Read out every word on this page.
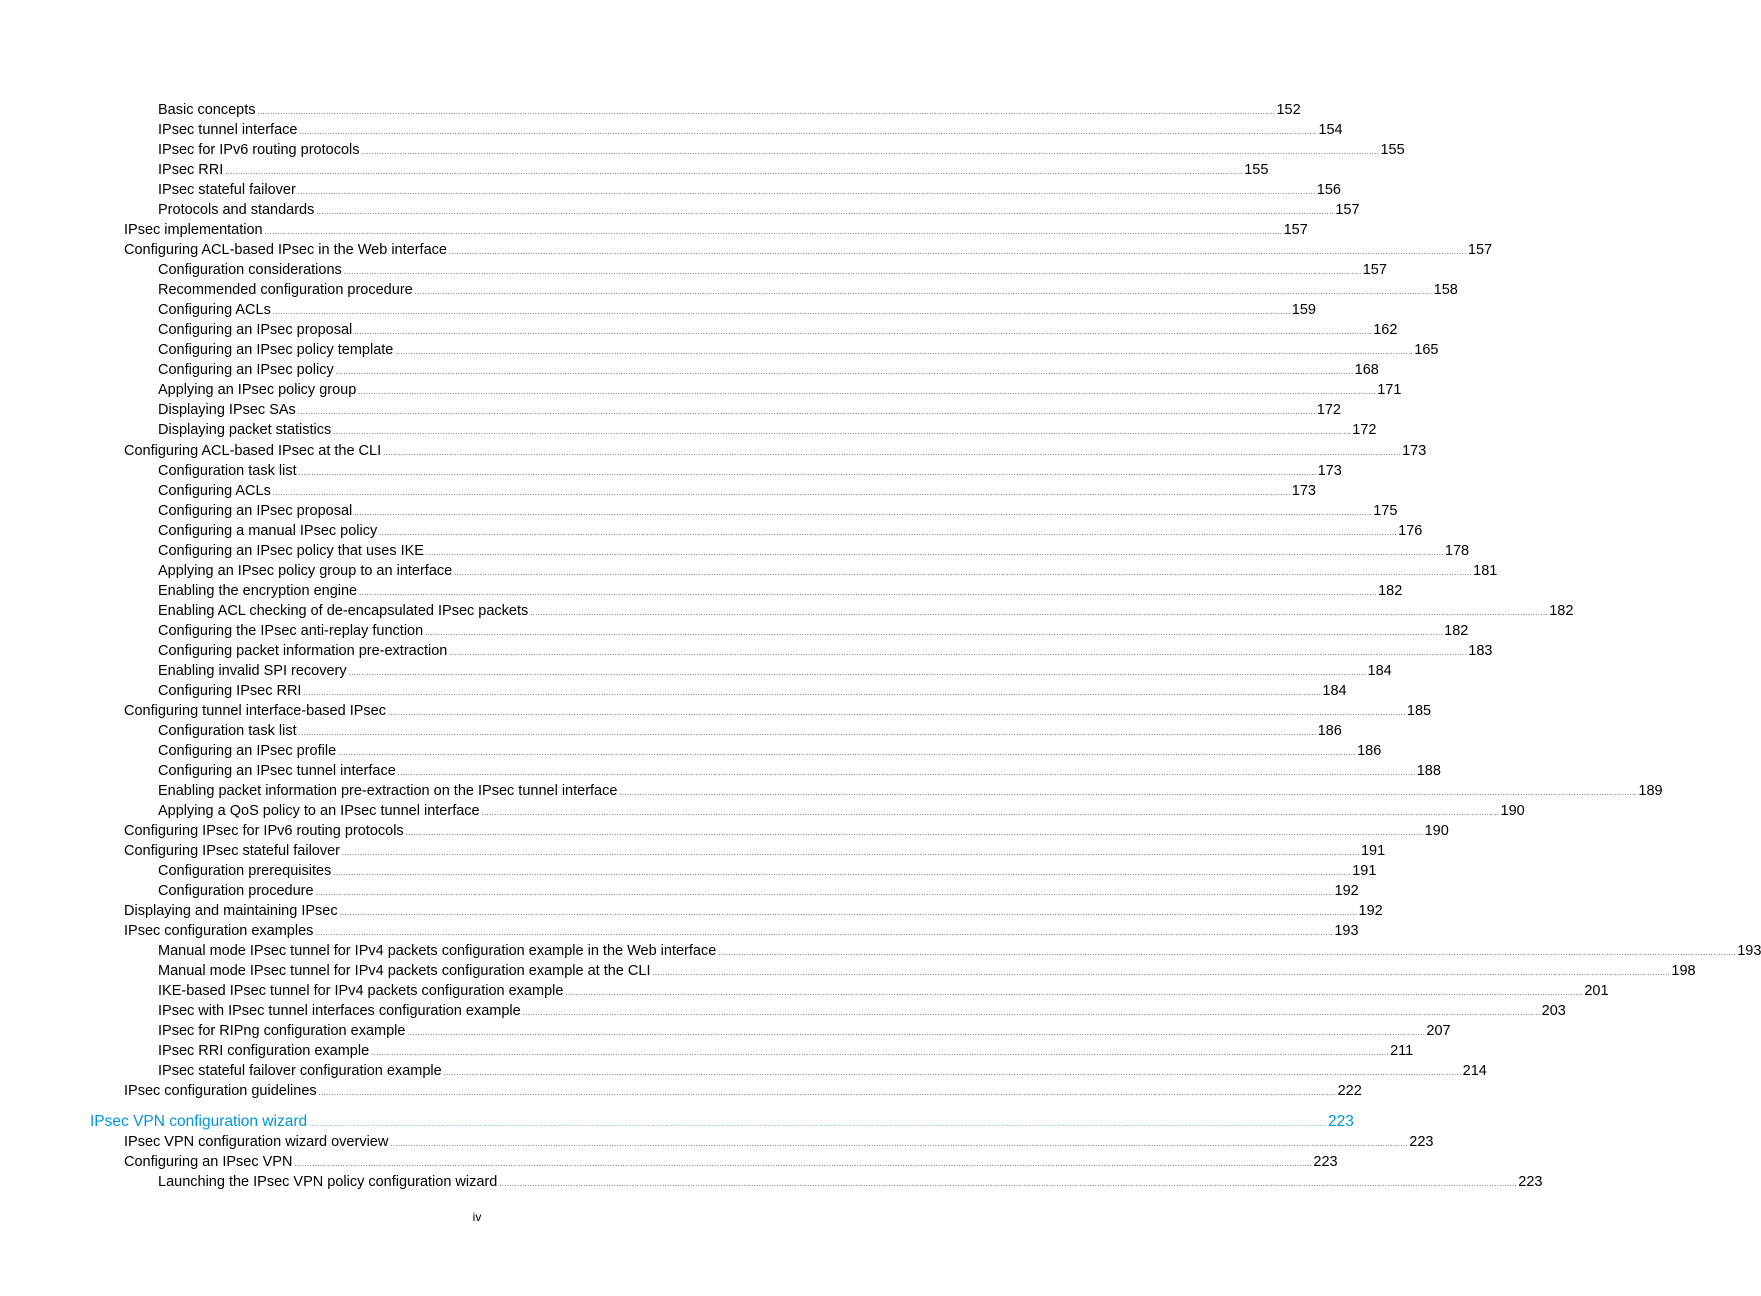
Basic concepts ................................................................................................................................................................................................................................................................................................................................................................................................................ 152
IPsec tunnel interface ................................................................................................................................................................................................................................................................................................................................................................................................................ 154
IPsec for IPv6 routing protocols ................................................................................................................................................................................................................................................................................................................................................................................................................ 155
IPsec RRI ................................................................................................................................................................................................................................................................................................................................................................................................................ 155
IPsec stateful failover ................................................................................................................................................................................................................................................................................................................................................................................................................ 156
Protocols and standards ................................................................................................................................................................................................................................................................................................................................................................................................................ 157
IPsec implementation ................................................................................................................................................................................................................................................................................................................................................................................................................ 157
Configuring ACL-based IPsec in the Web interface ................................................................................................................................................................................................................................................................................................................................................................................................................ 157
Configuration considerations ................................................................................................................................................................................................................................................................................................................................................................................................................ 157
Recommended configuration procedure ................................................................................................................................................................................................................................................................................................................................................................................................................ 158
Configuring ACLs ................................................................................................................................................................................................................................................................................................................................................................................................................ 159
Configuring an IPsec proposal ................................................................................................................................................................................................................................................................................................................................................................................................................ 162
Configuring an IPsec policy template ................................................................................................................................................................................................................................................................................................................................................................................................................ 165
Configuring an IPsec policy ................................................................................................................................................................................................................................................................................................................................................................................................................ 168
Applying an IPsec policy group ................................................................................................................................................................................................................................................................................................................................................................................................................ 171
Displaying IPsec SAs ................................................................................................................................................................................................................................................................................................................................................................................................................ 172
Displaying packet statistics ................................................................................................................................................................................................................................................................................................................................................................................................................ 172
Configuring ACL-based IPsec at the CLI ................................................................................................................................................................................................................................................................................................................................................................................................................ 173
Configuration task list ................................................................................................................................................................................................................................................................................................................................................................................................................ 173
Configuring ACLs ................................................................................................................................................................................................................................................................................................................................................................................................................ 173
Configuring an IPsec proposal ................................................................................................................................................................................................................................................................................................................................................................................................................ 175
Configuring a manual IPsec policy ................................................................................................................................................................................................................................................................................................................................................................................................................ 176
Configuring an IPsec policy that uses IKE ................................................................................................................................................................................................................................................................................................................................................................................................................ 178
Applying an IPsec policy group to an interface ................................................................................................................................................................................................................................................................................................................................................................................................................ 181
Enabling the encryption engine ................................................................................................................................................................................................................................................................................................................................................................................................................ 182
Enabling ACL checking of de-encapsulated IPsec packets ................................................................................................................................................................................................................................................................................................................................................................................................................ 182
Configuring the IPsec anti-replay function ................................................................................................................................................................................................................................................................................................................................................................................................................ 182
Configuring packet information pre-extraction ................................................................................................................................................................................................................................................................................................................................................................................................................ 183
Enabling invalid SPI recovery ................................................................................................................................................................................................................................................................................................................................................................................................................ 184
Configuring IPsec RRI ................................................................................................................................................................................................................................................................................................................................................................................................................ 184
Configuring tunnel interface-based IPsec ................................................................................................................................................................................................................................................................................................................................................................................................................ 185
Configuration task list ................................................................................................................................................................................................................................................................................................................................................................................................................ 186
Configuring an IPsec profile ................................................................................................................................................................................................................................................................................................................................................................................................................ 186
Configuring an IPsec tunnel interface ................................................................................................................................................................................................................................................................................................................................................................................................................ 188
Enabling packet information pre-extraction on the IPsec tunnel interface ................................................................................................................................................................................................................................................................................................................................................................................................................ 189
Applying a QoS policy to an IPsec tunnel interface ................................................................................................................................................................................................................................................................................................................................................................................................................ 190
Configuring IPsec for IPv6 routing protocols ................................................................................................................................................................................................................................................................................................................................................................................................................ 190
Configuring IPsec stateful failover ................................................................................................................................................................................................................................................................................................................................................................................................................ 191
Configuration prerequisites ................................................................................................................................................................................................................................................................................................................................................................................................................ 191
Configuration procedure ................................................................................................................................................................................................................................................................................................................................................................................................................ 192
Displaying and maintaining IPsec ................................................................................................................................................................................................................................................................................................................................................................................................................ 192
IPsec configuration examples ................................................................................................................................................................................................................................................................................................................................................................................................................ 193
Manual mode IPsec tunnel for IPv4 packets configuration example in the Web interface ................................................................................................................................................................................................................................................................................................................................................................................................................ 193
Manual mode IPsec tunnel for IPv4 packets configuration example at the CLI ................................................................................................................................................................................................................................................................................................................................................................................................................ 198
IKE-based IPsec tunnel for IPv4 packets configuration example ................................................................................................................................................................................................................................................................................................................................................................................................................ 201
IPsec with IPsec tunnel interfaces configuration example ................................................................................................................................................................................................................................................................................................................................................................................................................ 203
IPsec for RIPng configuration example ................................................................................................................................................................................................................................................................................................................................................................................................................ 207
IPsec RRI configuration example ................................................................................................................................................................................................................................................................................................................................................................................................................ 211
IPsec stateful failover configuration example ................................................................................................................................................................................................................................................................................................................................................................................................................ 214
IPsec configuration guidelines ................................................................................................................................................................................................................................................................................................................................................................................................................ 222
IPsec VPN configuration wizard ................................................................................................................................................................................................................................................................................................................................................................................................................ 223
IPsec VPN configuration wizard overview ................................................................................................................................................................................................................................................................................................................................................................................................................ 223
Configuring an IPsec VPN ................................................................................................................................................................................................................................................................................................................................................................................................................ 223
Launching the IPsec VPN policy configuration wizard ................................................................................................................................................................................................................................................................................................................................................................................................................ 223
iv
